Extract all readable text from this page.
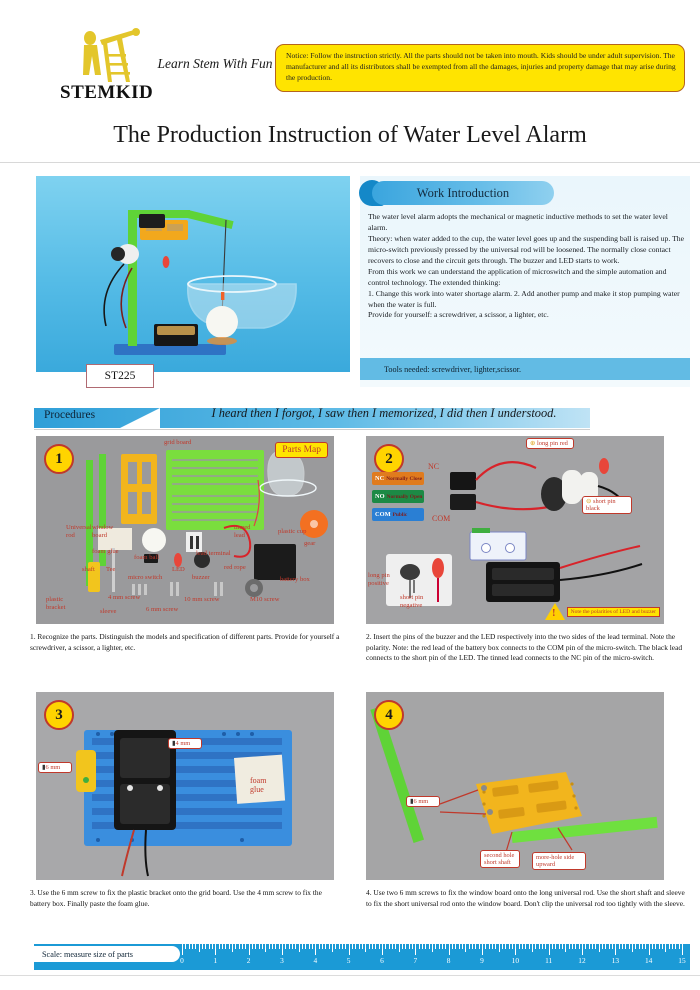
STEMKID
Learn Stem With Fun

Notice: Follow the instruction strictly. All the parts should not be taken into mouth. Kids should be under adult supervision. The manufacturer and all its distributors shall be exempted from all the damages, injuries and property damage that may arise during the production.

The Production Instruction of Water Level Alarm
ST225
Work Introduction

The water level alarm adopts the mechanical or magnetic inductive methods to set the water level alarm.

Theory: when water added to the cup, the water level goes up and the suspending ball is raised up. The micro-switch previously pressed by the universal rod will be loosened. The normally close contact recovers to close and the circuit gets through. The buzzer and LED starts to work.

From this work we can understand the application of microswitch and the simple automation and control technology. The extended thinking:

1. Change this work into water shortage alarm. 2. Add another pump and make it stop pumping water when the water is full.

Provide for yourself: a screwdriver, a scissor, a lighter, etc.

Tools needed: screwdriver, lighter,scissor.
Procedures	I heard then I forgot, I saw then I memorized, I did then I understood.
1
Parts Map
grid board
plastic cup
tinned lead
Universal rod
window board
foam ball
lead terminal
gear
foam glue
shaft Tee
micro switch
LED
buzzer
red rope
battery box
plastic bracket
4 mm screw
sleeve	6 mm screw
10 mm screw	M10 screw
1. Recognize the parts. Distinguish the models and specification of different parts. Provide for yourself a screwdriver, a scissor, a lighter, etc.
2
NC Normally Close
NO Normally Open
COM Public
NC
COM
⊕ long pin red
⊖ short pin black
long pin positive
short pin negative
!
Note the polarities of LED and buzzer
2. Insert the pins of the buzzer and the LED respectively into the two sides of the lead terminal. Note the polarity. Note: the red lead of the battery box connects to the COM pin of the micro-switch. The black lead connects to the short pin of the LED. The tinned lead connects to the NC pin of the micro-switch.
3
▮6 mm
▮4 mm
foam glue
3. Use the 6 mm screw to fix the plastic bracket onto the grid board. Use the 4 mm screw to fix the battery box. Finally paste the foam glue.
4
▮6 mm
second hole short shaft
more-hole side upward
4. Use two 6 mm screws to fix the window board onto the long universal rod. Use the short shaft and sleeve to fix the short universal rod onto the window board. Don't clip the universal rod too tightly with the sleeve.
0	1	2	3	4	5	6	7	8	9	10	11	12	13	14	15
Scale: measure size of parts
